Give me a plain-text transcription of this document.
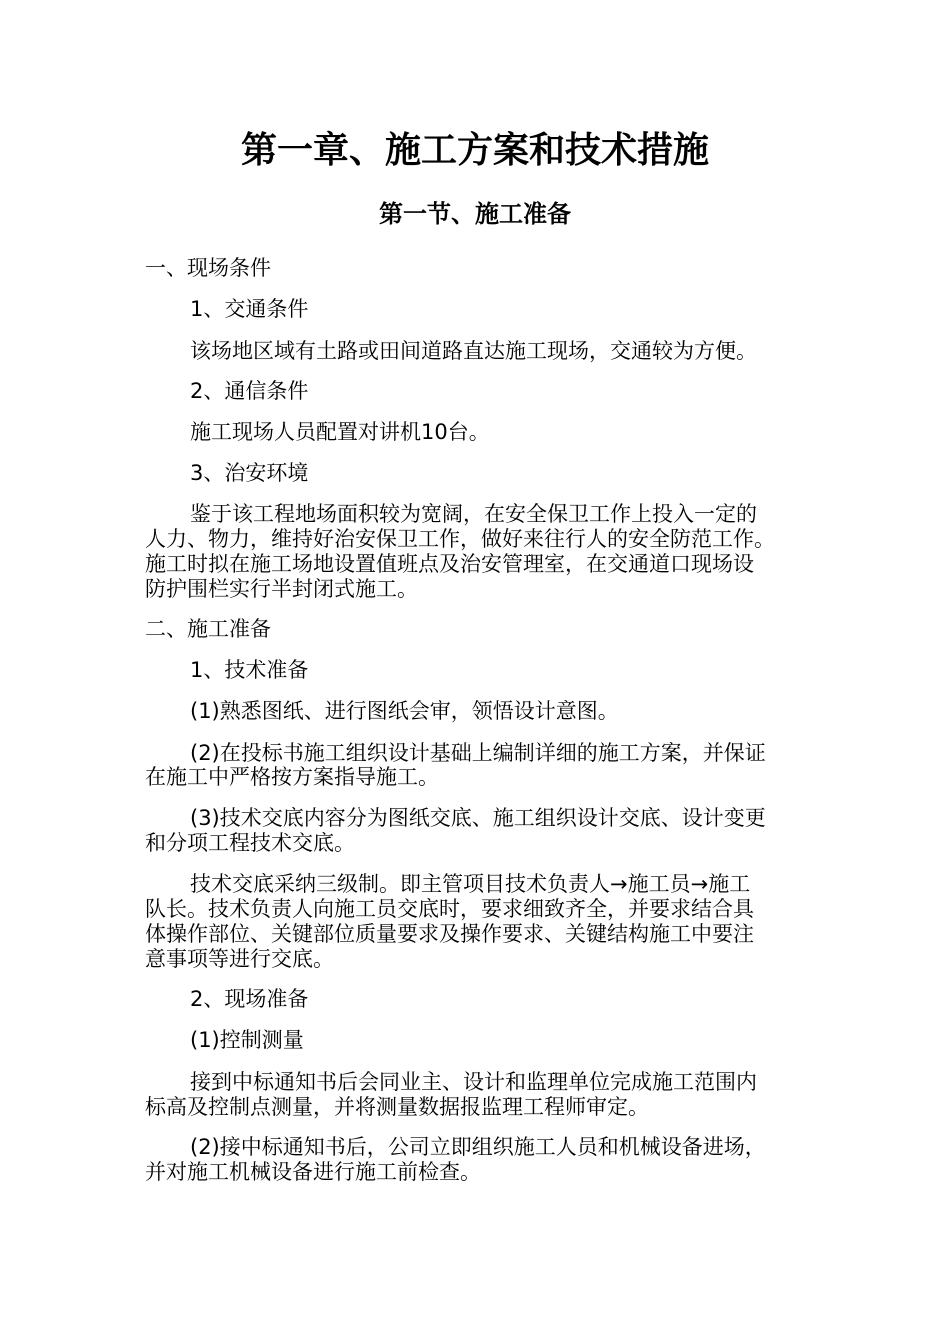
第一章、施工方案和技术措施
第一节、施工准备
一、现场条件
1、交通条件
该场地区域有土路或田间道路直达施工现场，交通较为方便。
2、通信条件
施工现场人员配置对讲机10台。
3、治安环境
鉴于该工程地场面积较为宽阔，在安全保卫工作上投入一定的
人力、物力，维持好治安保卫工作，做好来往行人的安全防范工作。
施工时拟在施工场地设置值班点及治安管理室，在交通道口现场设
防护围栏实行半封闭式施工。
二、施工准备
1、技术准备
(1)熟悉图纸、进行图纸会审，领悟设计意图。
(2)在投标书施工组织设计基础上编制详细的施工方案，并保证
在施工中严格按方案指导施工。
(3)技术交底内容分为图纸交底、施工组织设计交底、设计变更
和分项工程技术交底。
技术交底采纳三级制。即主管项目技术负责人→施工员→施工
队长。技术负责人向施工员交底时，要求细致齐全，并要求结合具
体操作部位、关键部位质量要求及操作要求、关键结构施工中要注
意事项等进行交底。
2、现场准备
(1)控制测量
接到中标通知书后会同业主、设计和监理单位完成施工范围内
标高及控制点测量，并将测量数据报监理工程师审定。
(2)接中标通知书后，公司立即组织施工人员和机械设备进场，
并对施工机械设备进行施工前检查。
